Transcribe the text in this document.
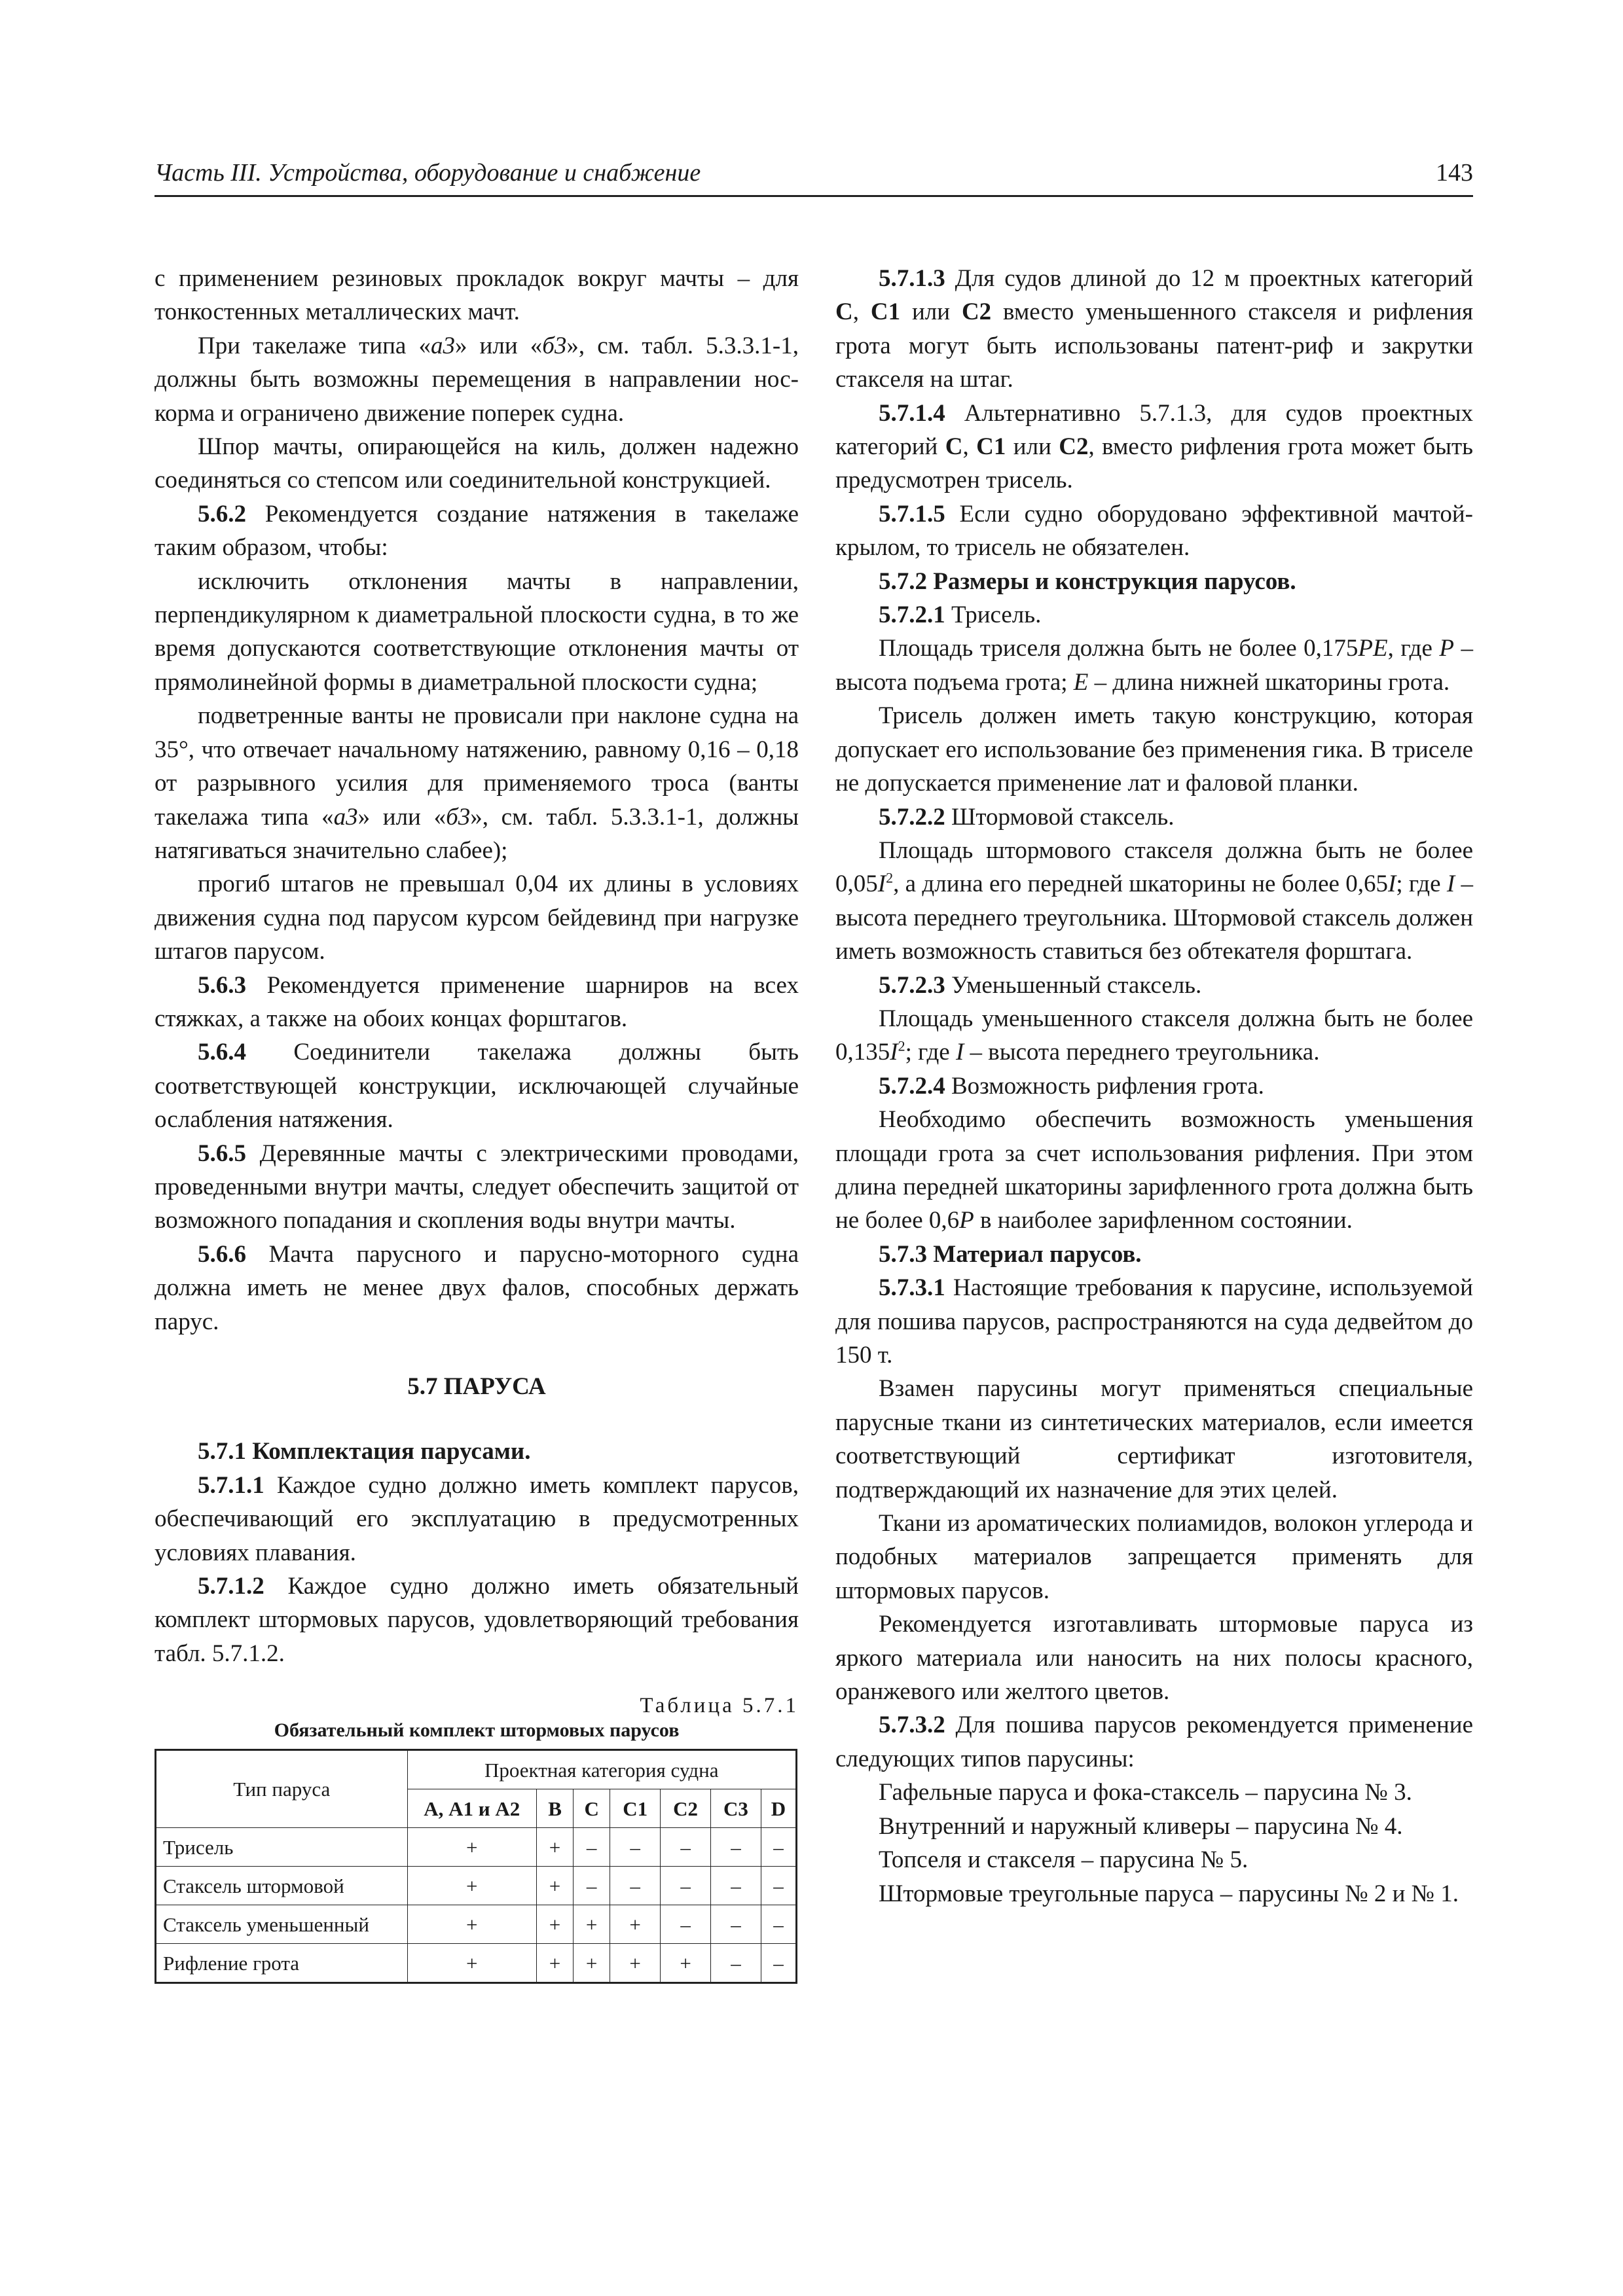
Часть III. Устройства, оборудование и снабжение	143

с применением резиновых прокладок вокруг мачты – для тонкостенных металлических мачт.

При такелаже типа «а3» или «б3», см. табл. 5.3.3.1-1, должны быть возможны перемещения в направлении нос-корма и ограничено движение поперек судна.

Шпор мачты, опирающейся на киль, должен надежно соединяться со степсом или соединительной конструкцией.

5.6.2 Рекомендуется создание натяжения в такелаже таким образом, чтобы:

исключить отклонения мачты в направлении, перпендикулярном к диаметральной плоскости судна, в то же время допускаются соответствующие отклонения мачты от прямолинейной формы в диаметральной плоскости судна;

подветренные ванты не провисали при наклоне судна на 35°, что отвечает начальному натяжению, равному 0,16 – 0,18 от разрывного усилия для применяемого троса (ванты такелажа типа «а3» или «б3», см. табл. 5.3.3.1-1, должны натягиваться значительно слабее);

прогиб штагов не превышал 0,04 их длины в условиях движения судна под парусом курсом бейдевинд при нагрузке штагов парусом.

5.6.3 Рекомендуется применение шарниров на всех стяжках, а также на обоих концах форштагов.

5.6.4 Соединители такелажа должны быть соответствующей конструкции, исключающей случайные ослабления натяжения.

5.6.5 Деревянные мачты с электрическими проводами, проведенными внутри мачты, следует обеспечить защитой от возможного попадания и скопления воды внутри мачты.

5.6.6 Мачта парусного и парусно-моторного судна должна иметь не менее двух фалов, способных держать парус.

5.7 ПАРУСА

5.7.1 Комплектация парусами.

5.7.1.1 Каждое судно должно иметь комплект парусов, обеспечивающий его эксплуатацию в предусмотренных условиях плавания.

5.7.1.2 Каждое судно должно иметь обязательный комплект штормовых парусов, удовлетворяющий требования табл. 5.7.1.2.

Таблица 5.7.1
Обязательный комплект штормовых парусов
Тип паруса	Проектная категория судна						
	А, А1 и А2	B	C	C1	C2	C3	D
Трисель	+	+	–	–	–	–	–
Стаксель штормовой	+	+	–	–	–	–	–
Стаксель уменьшенный	+	+	+	+	–	–	–
Рифление грота	+	+	+	+	+	–	–

5.7.1.3 Для судов длиной до 12 м проектных категорий C, C1 или C2 вместо уменьшенного стакселя и рифления грота могут быть использованы патент-риф и закрутки стакселя на штаг.

5.7.1.4 Альтернативно 5.7.1.3, для судов проектных категорий C, C1 или C2, вместо рифления грота может быть предусмотрен трисель.

5.7.1.5 Если судно оборудовано эффективной мачтой-крылом, то трисель не обязателен.

5.7.2 Размеры и конструкция парусов.

5.7.2.1 Трисель.

Площадь триселя должна быть не более 0,175PE, где P – высота подъема грота; E – длина нижней шкаторины грота.

Трисель должен иметь такую конструкцию, которая допускает его использование без применения гика. В триселе не допускается применение лат и фаловой планки.

5.7.2.2 Штормовой стаксель.

Площадь штормового стакселя должна быть не более $0,05I^2$, а длина его передней шкаторины не более 0,65I; где I – высота переднего треугольника. Штормовой стаксель должен иметь возможность ставиться без обтекателя форштага.

5.7.2.3 Уменьшенный стаксель.

Площадь уменьшенного стакселя должна быть не более $0,135I^2$; где I – высота переднего треугольника.

5.7.2.4 Возможность рифления грота.

Необходимо обеспечить возможность уменьшения площади грота за счет использования рифления. При этом длина передней шкаторины зарифленного грота должна быть не более 0,6P в наиболее зарифленном состоянии.

5.7.3 Материал парусов.

5.7.3.1 Настоящие требования к парусине, используемой для пошива парусов, распространяются на суда дедвейтом до 150 т.

Взамен парусины могут применяться специальные парусные ткани из синтетических материалов, если имеется соответствующий сертификат изготовителя, подтверждающий их назначение для этих целей.

Ткани из ароматических полиамидов, волокон углерода и подобных материалов запрещается применять для штормовых парусов.

Рекомендуется изготавливать штормовые паруса из яркого материала или наносить на них полосы красного, оранжевого или желтого цветов.

5.7.3.2 Для пошива парусов рекомендуется применение следующих типов парусины:

Гафельные паруса и фока-стаксель – парусина № 3.

Внутренний и наружный кливеры – парусина № 4.

Топселя и стакселя – парусина № 5.

Штормовые треугольные паруса – парусины № 2 и № 1.
